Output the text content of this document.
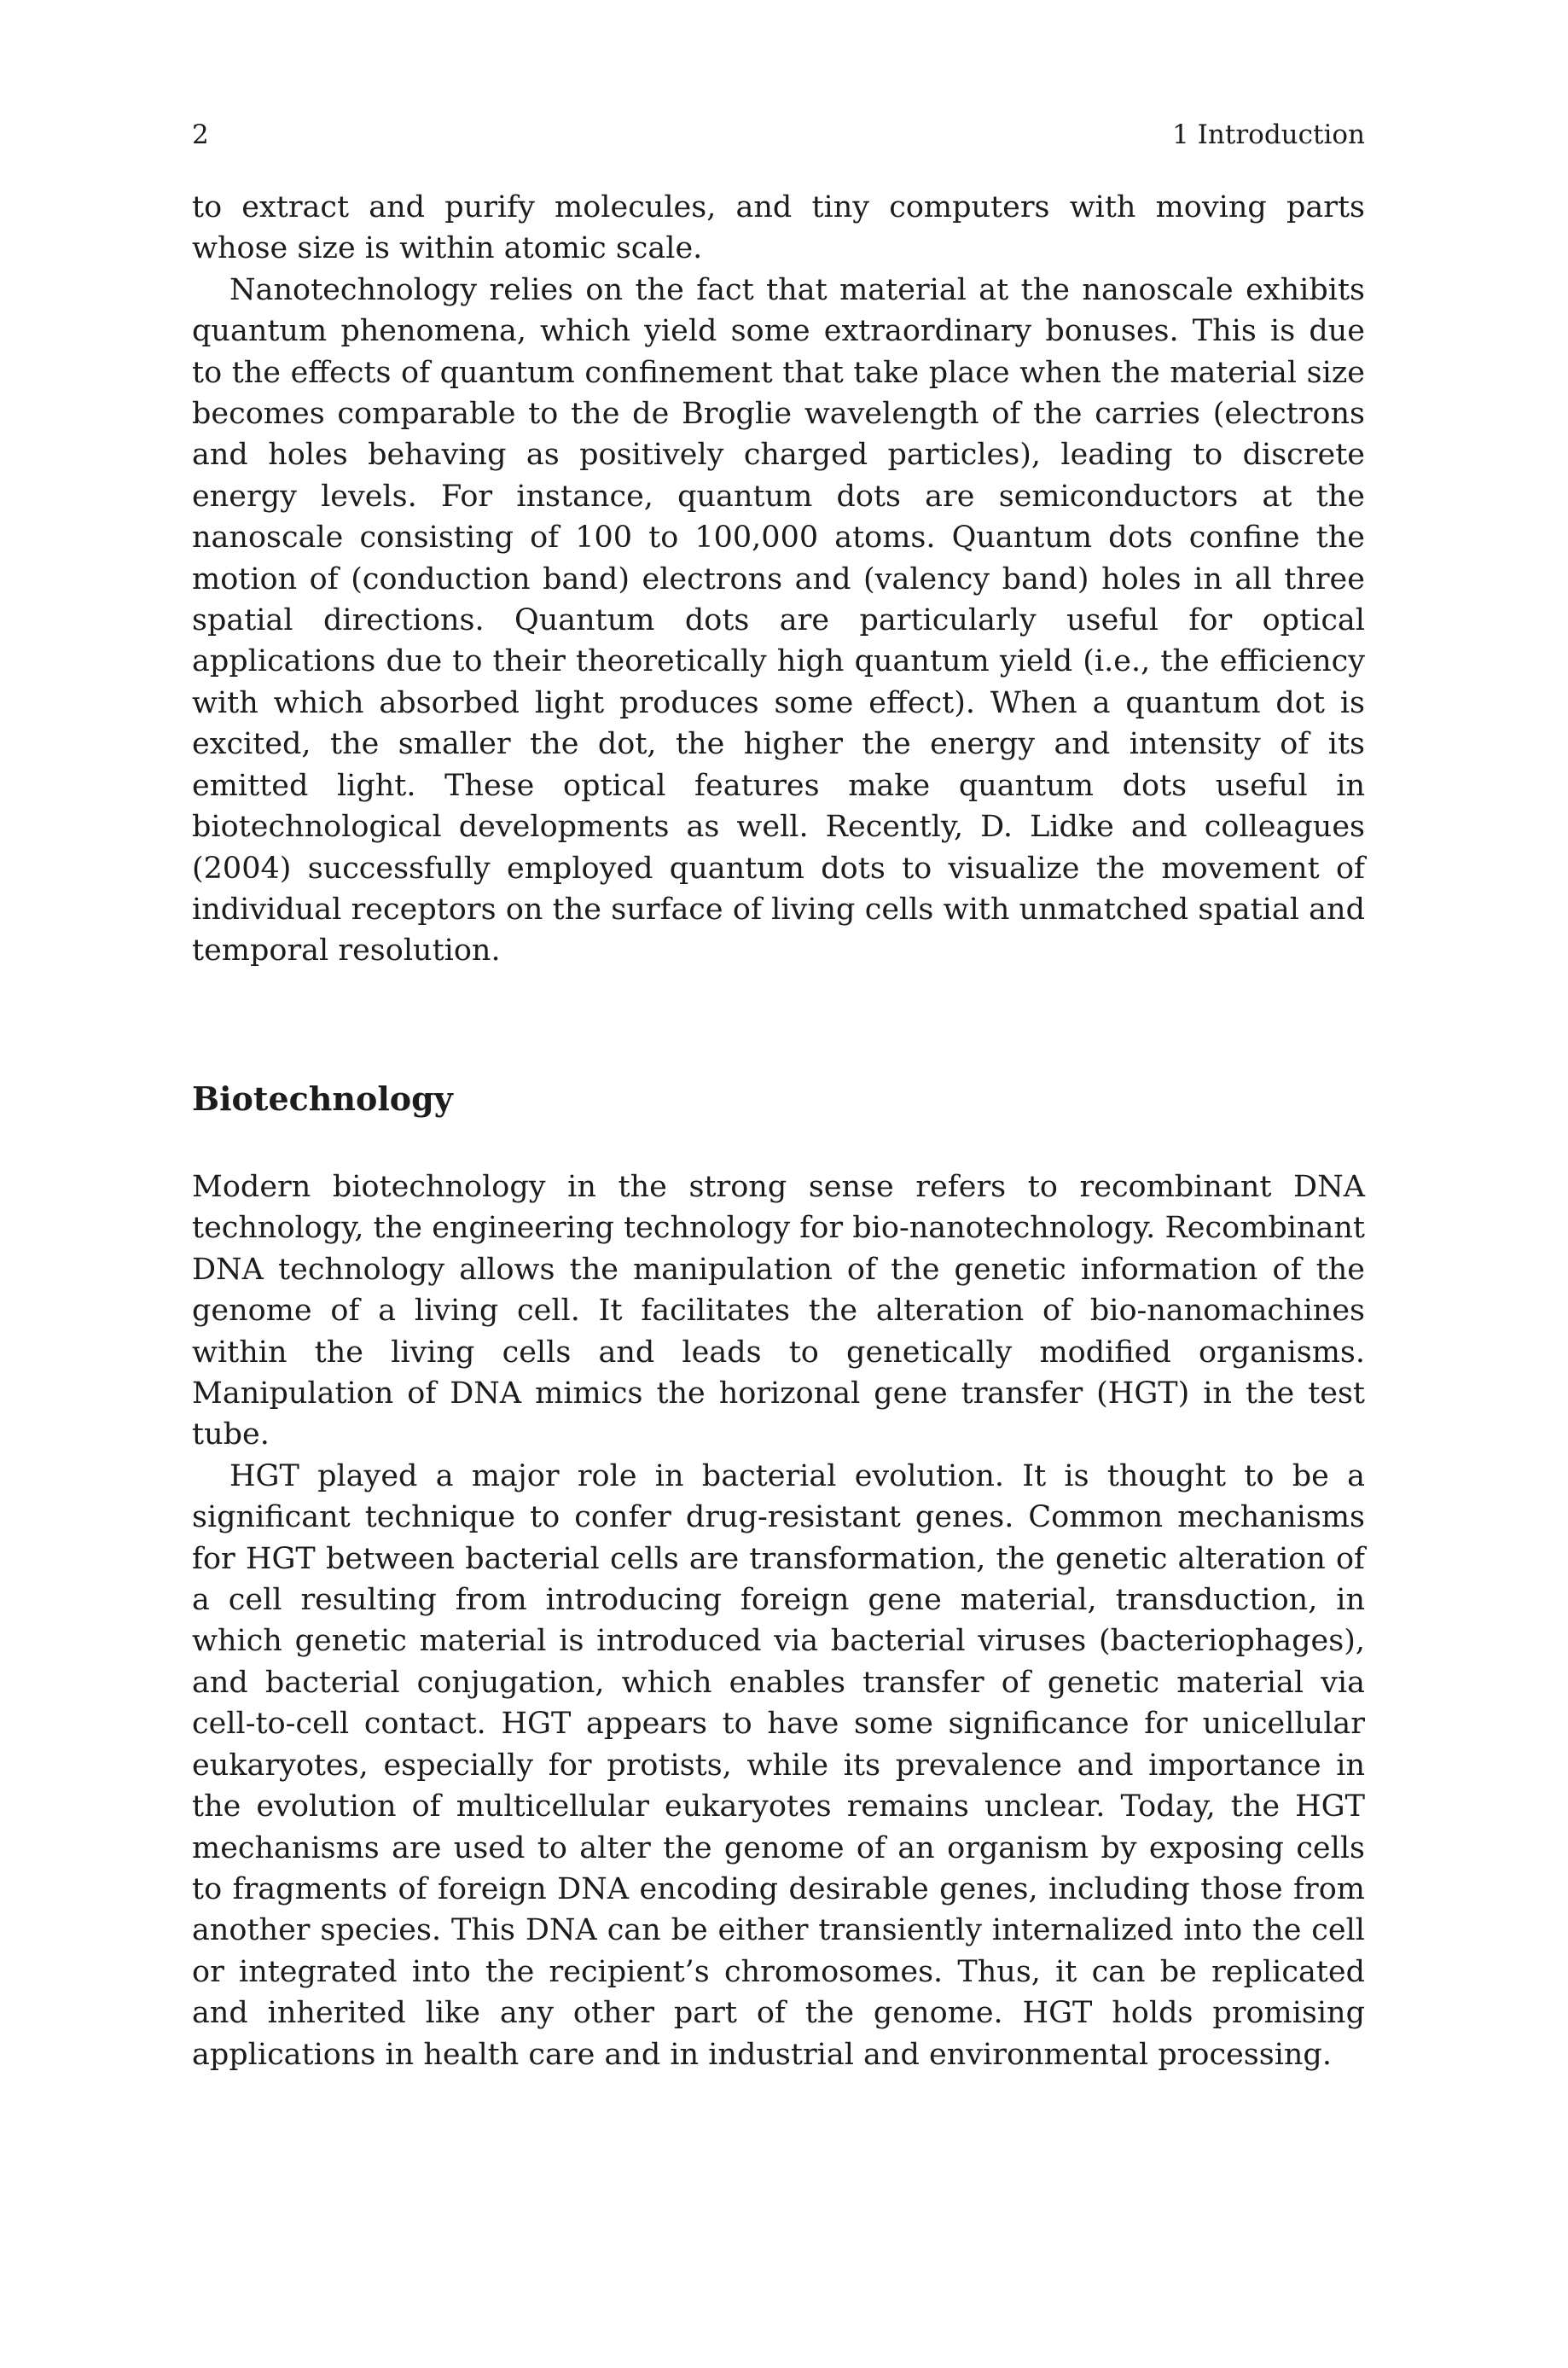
2	1 Introduction

to extract and purify molecules, and tiny computers with moving parts whose size is within atomic scale.

Nanotechnology relies on the fact that material at the nanoscale exhibits quantum phenomena, which yield some extraordinary bonuses. This is due to the effects of quantum confinement that take place when the material size becomes comparable to the de Broglie wavelength of the carries (electrons and holes behaving as positively charged particles), leading to discrete energy levels. For instance, quantum dots are semiconductors at the nanoscale consisting of 100 to 100,000 atoms. Quantum dots confine the motion of (conduction band) electrons and (valency band) holes in all three spatial directions. Quantum dots are particularly useful for optical applications due to their theoretically high quantum yield (i.e., the efficiency with which absorbed light produces some effect). When a quantum dot is excited, the smaller the dot, the higher the energy and intensity of its emitted light. These optical features make quantum dots useful in biotechnological developments as well. Recently, D. Lidke and colleagues (2004) successfully employed quantum dots to visualize the movement of individual receptors on the surface of living cells with unmatched spatial and temporal resolution.

Biotechnology

Modern biotechnology in the strong sense refers to recombinant DNA technology, the engineering technology for bio-nanotechnology. Recombinant DNA technology allows the manipulation of the genetic information of the genome of a living cell. It facilitates the alteration of bio-nanomachines within the living cells and leads to genetically modified organisms. Manipulation of DNA mimics the horizonal gene transfer (HGT) in the test tube.

HGT played a major role in bacterial evolution. It is thought to be a significant technique to confer drug-resistant genes. Common mechanisms for HGT between bacterial cells are transformation, the genetic alteration of a cell resulting from introducing foreign gene material, transduction, in which genetic material is introduced via bacterial viruses (bacteriophages), and bacterial conjugation, which enables transfer of genetic material via cell-to-cell contact. HGT appears to have some significance for unicellular eukaryotes, especially for protists, while its prevalence and importance in the evolution of multicellular eukaryotes remains unclear. Today, the HGT mechanisms are used to alter the genome of an organism by exposing cells to fragments of foreign DNA encoding desirable genes, including those from another species. This DNA can be either transiently internalized into the cell or integrated into the recipient’s chromosomes. Thus, it can be replicated and inherited like any other part of the genome. HGT holds promising applications in health care and in industrial and environmental processing.
